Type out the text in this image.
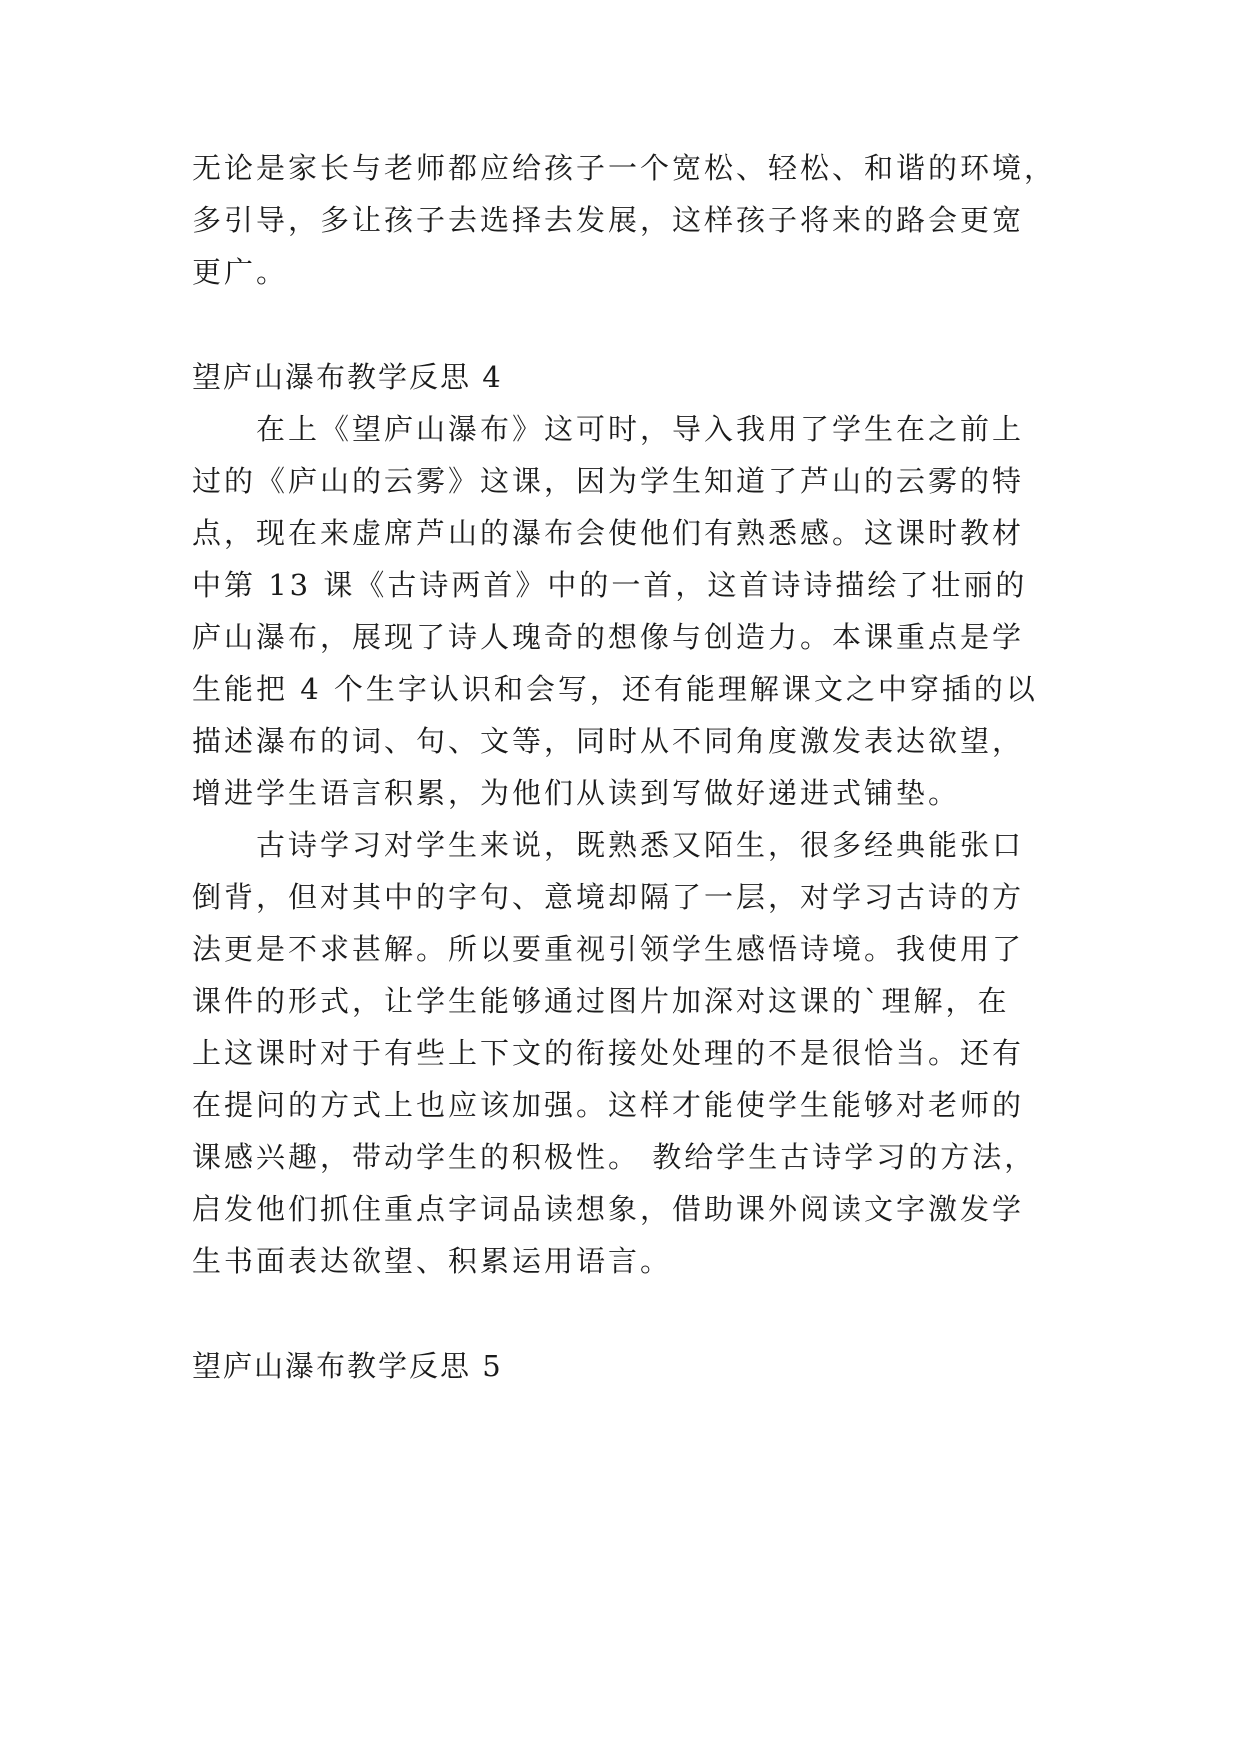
无论是家长与老师都应给孩子一个宽松、轻松、和谐的环境，
多引导，多让孩子去选择去发展，这样孩子将来的路会更宽
更广。
望庐山瀑布教学反思 4
　　在上《望庐山瀑布》这可时，导入我用了学生在之前上
过的《庐山的云雾》这课，因为学生知道了芦山的云雾的特
点，现在来虚席芦山的瀑布会使他们有熟悉感。这课时教材
中第 13 课《古诗两首》中的一首，这首诗诗描绘了壮丽的
庐山瀑布，展现了诗人瑰奇的想像与创造力。本课重点是学
生能把 4 个生字认识和会写，还有能理解课文之中穿插的以
描述瀑布的词、句、文等，同时从不同角度激发表达欲望，
增进学生语言积累，为他们从读到写做好递进式铺垫。
　　古诗学习对学生来说，既熟悉又陌生，很多经典能张口
倒背，但对其中的字句、意境却隔了一层，对学习古诗的方
法更是不求甚解。所以要重视引领学生感悟诗境。我使用了
课件的形式，让学生能够通过图片加深对这课的`理解，在
上这课时对于有些上下文的衔接处处理的不是很恰当。还有
在提问的方式上也应该加强。这样才能使学生能够对老师的
课感兴趣，带动学生的积极性。 教给学生古诗学习的方法，
启发他们抓住重点字词品读想象，借助课外阅读文字激发学
生书面表达欲望、积累运用语言。
望庐山瀑布教学反思 5
